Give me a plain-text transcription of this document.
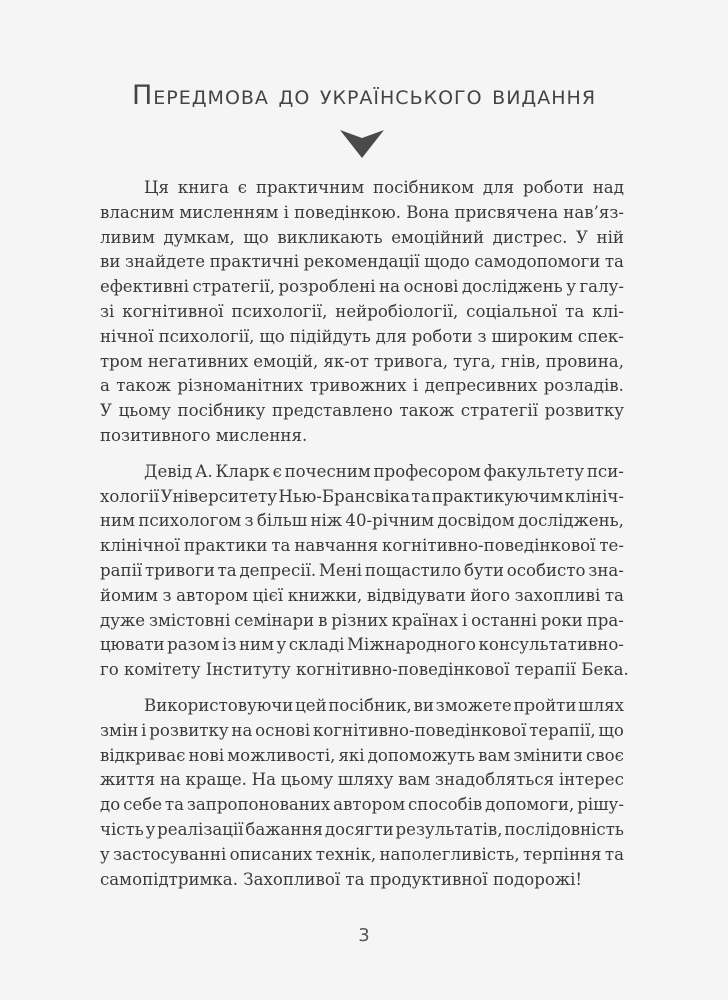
Передмова до українського видання
Ця книга є практичним посібником для роботи над
власним мисленням і поведінкою. Вона присвячена нав’яз-
ливим думкам, що викликають емоційний дистрес. У ній
ви знайдете практичні рекомендації щодо самодопомоги та
ефективні стратегії, розроблені на основі досліджень у галу-
зі когнітивної психології, нейробіології, соціальної та клі-
нічної психології, що підійдуть для роботи з широким спек-
тром негативних емоцій, як-от тривога, туга, гнів, провина,
а також різноманітних тривожних і депресивних розладів.
У цьому посібнику представлено також стратегії розвитку
позитивного мислення.
Девід А. Кларк є почесним професором факультету пси-
хології Університету Нью-Брансвіка та практикуючим клініч-
ним психологом з більш ніж 40-річним досвідом досліджень,
клінічної практики та навчання когнітивно-поведінкової те-
рапії тривоги та депресії. Мені пощастило бути особисто зна-
йомим з автором цієї книжки, відвідувати його захопливі та
дуже змістовні семінари в різних країнах і останні роки пра-
цювати разом із ним у складі Міжнародного консультативно-
го комітету Інституту когнітивно-поведінкової терапії Бека.
Використовуючи цей посібник, ви зможете пройти шлях
змін і розвитку на основі когнітивно-поведінкової терапії, що
відкриває нові можливості, які допоможуть вам змінити своє
життя на краще. На цьому шляху вам знадобляться інтерес
до себе та запропонованих автором способів допомоги, рішу-
чість у реалізації бажання досягти результатів, послідовність
у застосуванні описаних технік, наполегливість, терпіння та
самопідтримка. Захопливої та продуктивної подорожі!
3
